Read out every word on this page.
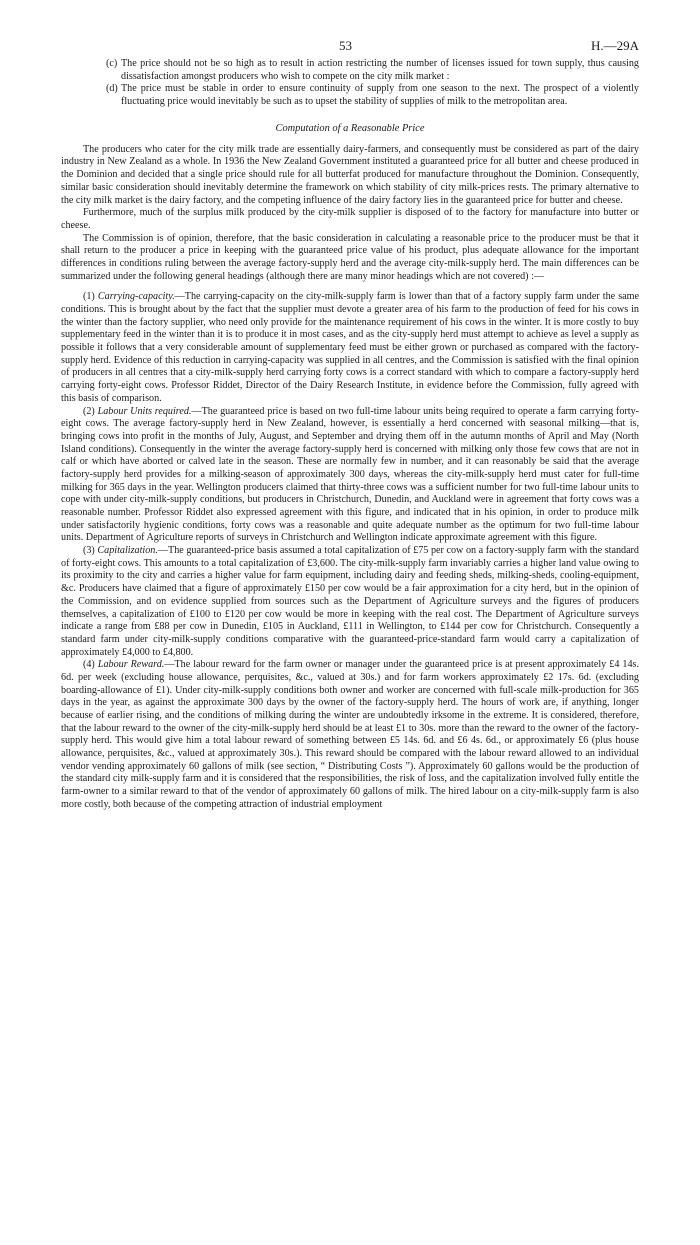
53	H.—29A

(c) The price should not be so high as to result in action restricting the number of licenses issued for town supply, thus causing dissatisfaction amongst producers who wish to compete on the city milk market :

(d) The price must be stable in order to ensure continuity of supply from one season to the next. The prospect of a violently fluctuating price would inevitably be such as to upset the stability of supplies of milk to the metropolitan area.

Computation of a Reasonable Price

The producers who cater for the city milk trade are essentially dairy-farmers, and consequently must be considered as part of the dairy industry in New Zealand as a whole. In 1936 the New Zealand Government instituted a guaranteed price for all butter and cheese produced in the Dominion and decided that a single price should rule for all butterfat produced for manufacture throughout the Dominion. Consequently, similar basic consideration should inevitably determine the framework on which stability of city milk-prices rests. The primary alternative to the city milk market is the dairy factory, and the competing influence of the dairy factory lies in the guaranteed price for butter and cheese.

Furthermore, much of the surplus milk produced by the city-milk supplier is disposed of to the factory for manufacture into butter or cheese.

The Commission is of opinion, therefore, that the basic consideration in calculating a reasonable price to the producer must be that it shall return to the producer a price in keeping with the guaranteed price value of his product, plus adequate allowance for the important differences in conditions ruling between the average factory-supply herd and the average city-milk-supply herd. The main differences can be summarized under the following general headings (although there are many minor headings which are not covered) :—

(1) Carrying-capacity.—The carrying-capacity on the city-milk-supply farm is lower than that of a factory supply farm under the same conditions. This is brought about by the fact that the supplier must devote a greater area of his farm to the production of feed for his cows in the winter than the factory supplier, who need only provide for the maintenance requirement of his cows in the winter. It is more costly to buy supplementary feed in the winter than it is to produce it in most cases, and as the city-supply herd must attempt to achieve as level a supply as possible it follows that a very considerable amount of supplementary feed must be either grown or purchased as compared with the factory-supply herd. Evidence of this reduction in carrying-capacity was supplied in all centres, and the Commission is satisfied with the final opinion of producers in all centres that a city-milk-supply herd carrying forty cows is a correct standard with which to compare a factory-supply herd carrying forty-eight cows. Professor Riddet, Director of the Dairy Research Institute, in evidence before the Commission, fully agreed with this basis of comparison.

(2) Labour Units required.—The guaranteed price is based on two full-time labour units being required to operate a farm carrying forty-eight cows. The average factory-supply herd in New Zealand, however, is essentially a herd concerned with seasonal milking—that is, bringing cows into profit in the months of July, August, and September and drying them off in the autumn months of April and May (North Island conditions). Consequently in the winter the average factory-supply herd is concerned with milking only those few cows that are not in calf or which have aborted or calved late in the season. These are normally few in number, and it can reasonably be said that the average factory-supply herd provides for a milking-season of approximately 300 days, whereas the city-milk-supply herd must cater for full-time milking for 365 days in the year. Wellington producers claimed that thirty-three cows was a sufficient number for two full-time labour units to cope with under city-milk-supply conditions, but producers in Christchurch, Dunedin, and Auckland were in agreement that forty cows was a reasonable number. Professor Riddet also expressed agreement with this figure, and indicated that in his opinion, in order to produce milk under satisfactorily hygienic conditions, forty cows was a reasonable and quite adequate number as the optimum for two full-time labour units. Department of Agriculture reports of surveys in Christchurch and Wellington indicate approximate agreement with this figure.

(3) Capitalization.—The guaranteed-price basis assumed a total capitalization of £75 per cow on a factory-supply farm with the standard of forty-eight cows. This amounts to a total capitalization of £3,600. The city-milk-supply farm invariably carries a higher land value owing to its proximity to the city and carries a higher value for farm equipment, including dairy and feeding sheds, milking-sheds, cooling-equipment, &c. Producers have claimed that a figure of approximately £150 per cow would be a fair approximation for a city herd, but in the opinion of the Commission, and on evidence supplied from sources such as the Department of Agriculture surveys and the figures of producers themselves, a capitalization of £100 to £120 per cow would be more in keeping with the real cost. The Department of Agriculture surveys indicate a range from £88 per cow in Dunedin, £105 in Auckland, £111 in Wellington, to £144 per cow for Christchurch. Consequently a standard farm under city-milk-supply conditions comparative with the guaranteed-price-standard farm would carry a capitalization of approximately £4,000 to £4,800.

(4) Labour Reward.—The labour reward for the farm owner or manager under the guaranteed price is at present approximately £4 14s. 6d. per week (excluding house allowance, perquisites, &c., valued at 30s.) and for farm workers approximately £2 17s. 6d. (excluding boarding-allowance of £1). Under city-milk-supply conditions both owner and worker are concerned with full-scale milk-production for 365 days in the year, as against the approximate 300 days by the owner of the factory-supply herd. The hours of work are, if anything, longer because of earlier rising, and the conditions of milking during the winter are undoubtedly irksome in the extreme. It is considered, therefore, that the labour reward to the owner of the city-milk-supply herd should be at least £1 to 30s. more than the reward to the owner of the factory-supply herd. This would give him a total labour reward of something between £5 14s. 6d. and £6 4s. 6d., or approximately £6 (plus house allowance, perquisites, &c., valued at approximately 30s.). This reward should be compared with the labour reward allowed to an individual vendor vending approximately 60 gallons of milk (see section, “ Distributing Costs ”). Approximately 60 gallons would be the production of the standard city milk-supply farm and it is considered that the responsibilities, the risk of loss, and the capitalization involved fully entitle the farm-owner to a similar reward to that of the vendor of approximately 60 gallons of milk. The hired labour on a city-milk-supply farm is also more costly, both because of the competing attraction of industrial employment
